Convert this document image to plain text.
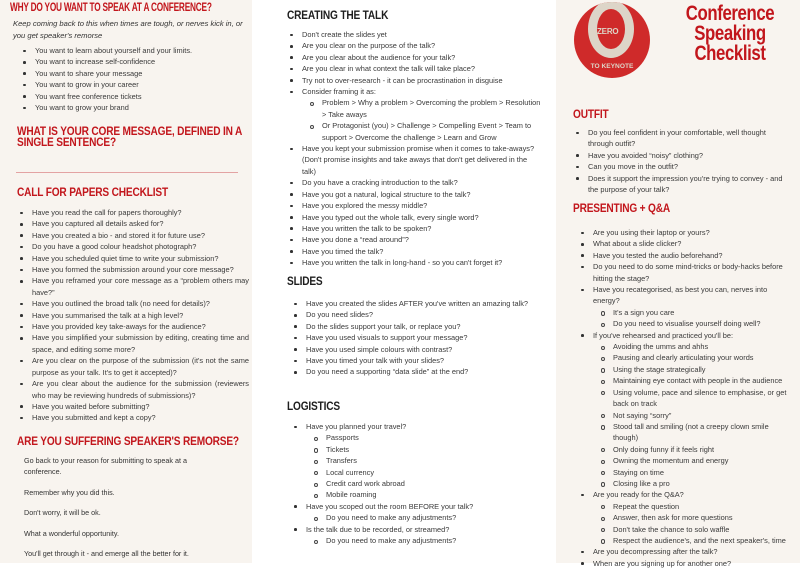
WHY DO YOU WANT TO SPEAK AT A CONFERENCE?
Keep coming back to this when times are tough, or nerves kick in, or you get speaker's remorse
You want to learn about yourself and your limits.
You want to increase self-confidence
You want to share your message
You want to grow in your career
You want free conference tickets
You want to grow your brand
WHAT IS YOUR CORE MESSAGE, DEFINED IN A SINGLE SENTENCE?
CALL FOR PAPERS CHECKLIST
Have you read the call for papers thoroughly?
Have you captured all details asked for?
Have you created a bio - and stored it for future use?
Do you have a good colour headshot photograph?
Have you scheduled quiet time to write your submission?
Have you formed the submission around your core message?
Have you reframed your core message as a “problem others may have?”
Have you outlined the broad talk (no need for details)?
Have you summarised the talk at a high level?
Have you provided key take-aways for the audience?
Have you simplified your submission by editing, creating time and space, and editing some more?
Are you clear on the purpose of the submission (it's not the same purpose as your talk. It's to get it accepted)?
Are you clear about the audience for the submission (reviewers who may be reviewing hundreds of submissions)?
Have you waited before submitting?
Have you submitted and kept a copy?
ARE YOU SUFFERING SPEAKER'S REMORSE?

Go back to your reason for submitting to speak at a conference.

Remember why you did this.

Don't worry, it will be ok.

What a wonderful opportunity.

You'll get through it - and emerge all the better for it.

CREATING THE TALK
Don't create the slides yet
Are you clear on the purpose of the talk?
Are you clear about the audience for your talk?
Are you clear in what context the talk will take place?
Try not to over-research - it can be procrastination in disguise
Consider framing it as:
Problem > Why a problem > Overcoming the problem > Resolution > Take aways
Or Protagonist (you) > Challenge > Compelling Event > Team to support > Overcome the challenge > Learn and Grow
Have you kept your submission promise when it comes to take-aways? (Don't promise insights and take aways that don't get delivered in the talk)
Do you have a cracking introduction to the talk?
Have you got a natural, logical structure to the talk?
Have you explored the messy middle?
Have you typed out the whole talk, every single word?
Have you written the talk to be spoken?
Have you done a “read around”?
Have you timed the talk?
Have you written the talk in long-hand - so you can't forget it?
SLIDES
Have you created the slides AFTER you've written an amazing talk?
Do you need slides?
Do the slides support your talk, or replace you?
Have you used visuals to support your message?
Have you used simple colours with contrast?
Have you timed your talk with your slides?
Do you need a supporting “data slide” at the end?
LOGISTICS
Have you planned your travel?
Passports
Tickets
Transfers
Local currency
Credit card work abroad
Mobile roaming
Have you scoped out the room BEFORE your talk?
Do you need to make any adjustments?
Is the talk due to be recorded, or streamed?
Do you need to make any adjustments?
ZERO
TO KEYNOTE
Conference
Speaking
Checklist
OUTFIT
Do you feel confident in your comfortable, well thought through outfit?
Have you avoided “noisy” clothing?
Can you move in the outfit?
Does it support the impression you're trying to convey - and the purpose of your talk?
PRESENTING + Q&A
Are you using their laptop or yours?
What about a slide clicker?
Have you tested the audio beforehand?
Do you need to do some mind-tricks or body-hacks before hitting the stage?
Have you recategorised, as best you can, nerves into energy?
It's a sign you care
Do you need to visualise yourself doing well?
If you've rehearsed and practiced you'll be:
Avoiding the umms and ahhs
Pausing and clearly articulating your words
Using the stage strategically
Maintaining eye contact with people in the audience
Using volume, pace and silence to emphasise, or get back on track
Not saying “sorry”
Stood tall and smiling (not a creepy clown smile though)
Only doing funny if it feels right
Owning the momentum and energy
Staying on time
Closing like a pro
Are you ready for the Q&A?
Repeat the question
Answer, then ask for more questions
Don't take the chance to solo waffle
Respect the audience's, and the next speaker's, time
Are you decompressing after the talk?
When are you signing up for another one?
